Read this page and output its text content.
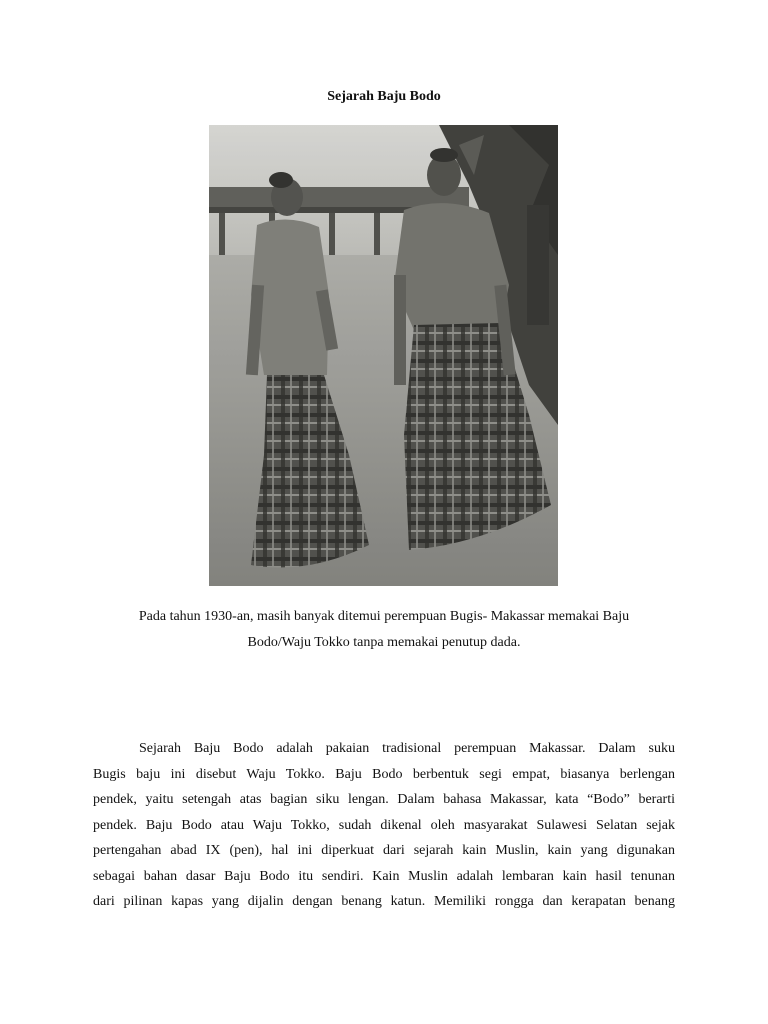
Sejarah Baju Bodo
Pada tahun 1930-an, masih banyak ditemui perempuan Bugis- Makassar memakai Baju
Bodo/Waju Tokko tanpa memakai penutup dada.
Sejarah Baju Bodo adalah pakaian tradisional perempuan Makassar. Dalam suku
Bugis baju ini disebut Waju Tokko. Baju Bodo berbentuk segi empat, biasanya berlengan
pendek, yaitu setengah atas bagian siku lengan. Dalam bahasa Makassar, kata “Bodo” berarti
pendek. Baju Bodo atau Waju Tokko, sudah dikenal oleh masyarakat Sulawesi Selatan sejak
pertengahan abad IX (pen), hal ini diperkuat dari sejarah kain Muslin, kain yang digunakan
sebagai bahan dasar Baju Bodo itu sendiri. Kain Muslin adalah lembaran kain hasil tenunan
dari pilinan kapas yang dijalin dengan benang katun. Memiliki rongga dan kerapatan benang
